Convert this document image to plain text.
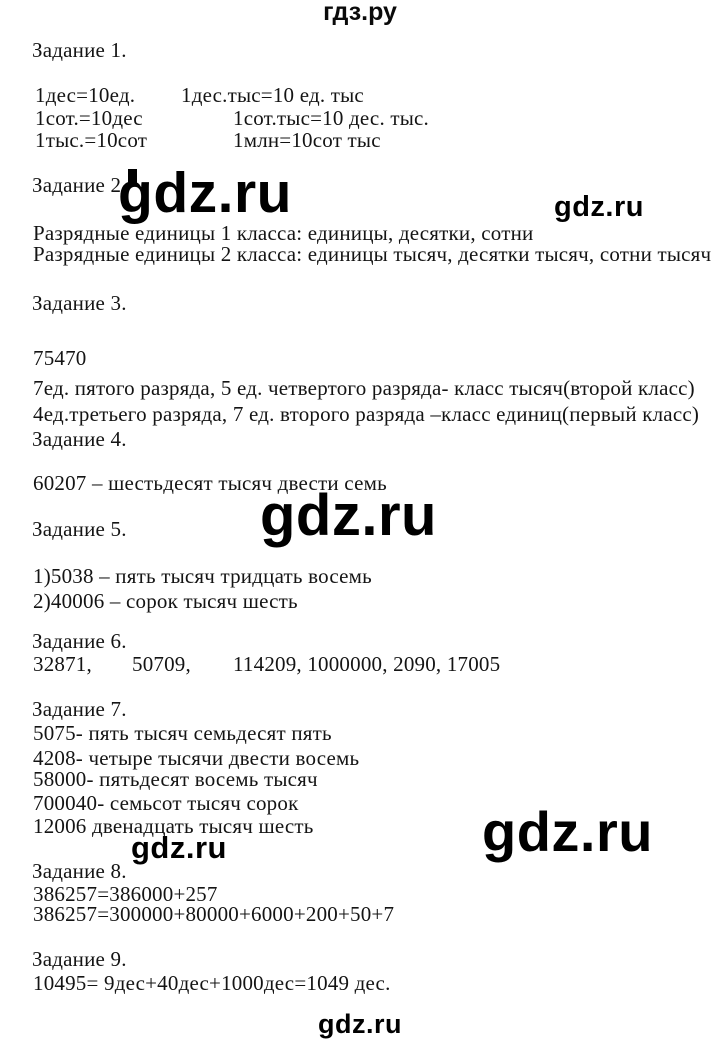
гдз.ру
Задание 1.
1дес=10ед. 1дес.тыс=10 ед. тыс
1сот.=10дес	1сот.тыс=10 дес. тыс.
1тыс.=10сот	1млн=10сот тыс
Задание 2.
Разрядные единицы 1 класса: единицы, десятки, сотни
Разрядные единицы 2 класса: единицы тысяч, десятки тысяч, сотни тысяч
Задание 3.
75470
7ед. пятого разряда, 5 ед. четвертого разряда- класс тысяч(второй класс)
4ед.третьего разряда, 7 ед. второго разряда –класс единиц(первый класс)
Задание 4.
60207 – шестьдесят тысяч двести семь
Задание 5.
1)5038 – пять тысяч тридцать восемь
2)40006 – сорок тысяч шесть
Задание 6.
32871, 50709, 114209, 1000000, 2090, 17005
Задание 7.
5075- пять тысяч семьдесят пять
4208- четыре тысячи двести восемь
58000- пятьдесят восемь тысяч
700040- семьсот тысяч сорок
12006 двенадцать тысяч шесть
Задание 8.
386257=386000+257
386257=300000+80000+6000+200+50+7
Задание 9.
10495= 9дес+40дес+1000дес=1049 дес.
gdz.ru	gdz.ru
gdz.ru
gdz.ru
gdz.ru
gdz.ru
